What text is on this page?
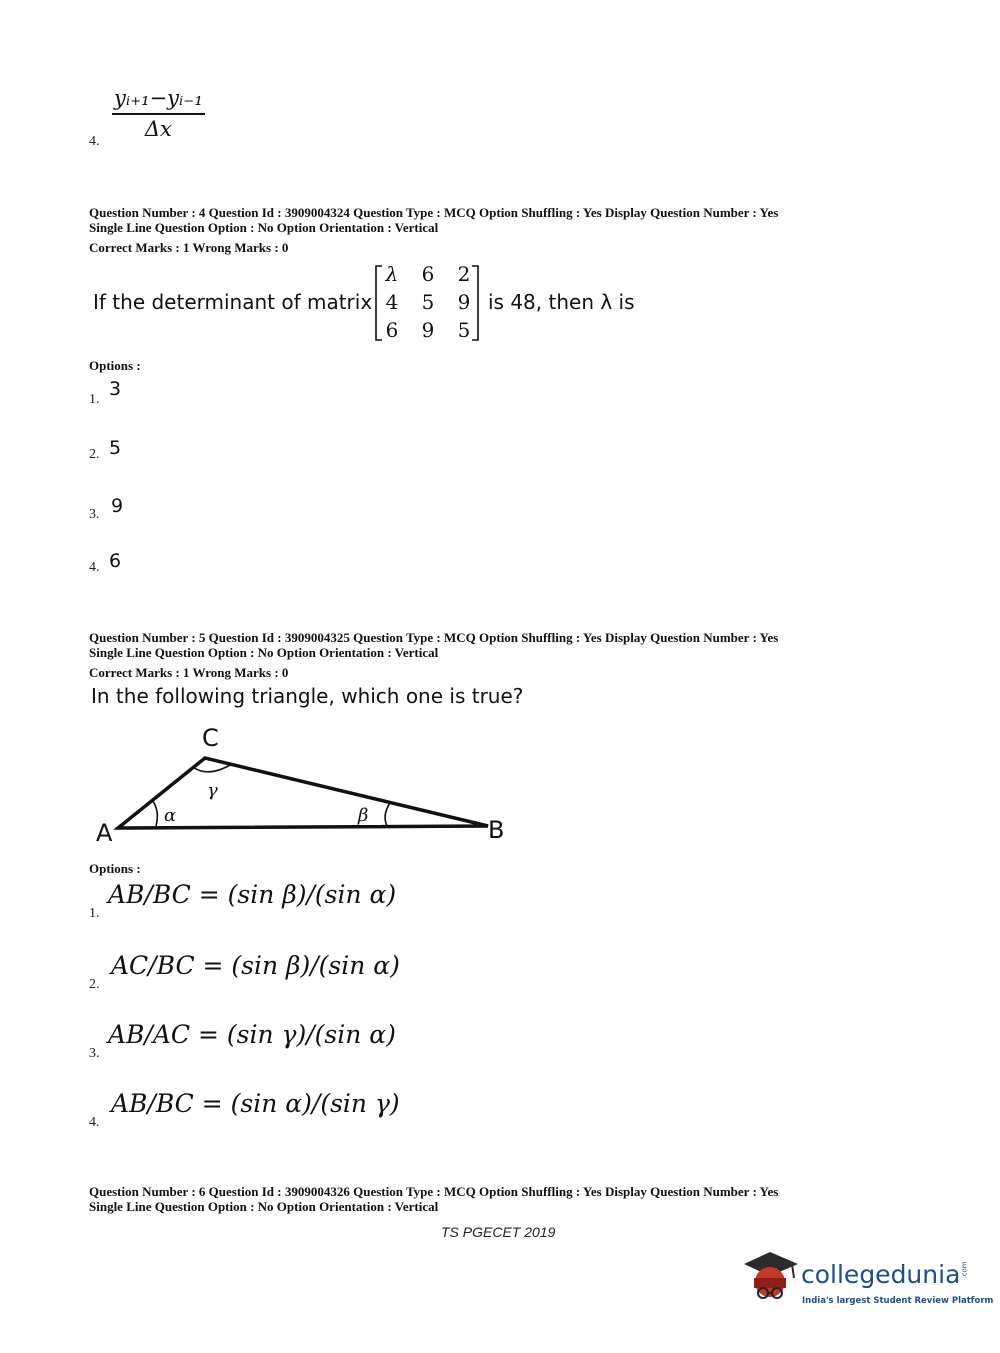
$\frac{\text{yᵢ₊₁−yᵢ₋₁}}{\Delta x}$
4.
Question Number : 4 Question Id : 3909004324 Question Type : MCQ Option Shuffling : Yes Display Question Number : Yes
Single Line Question Option : No Option Orientation : Vertical
Correct Marks : 1 Wrong Marks : 0
If the determinant of matrix
λ 6 2
4 5 9
6 9 5
is 48, then λ is
Options :
1. 3
2. 5
3. 9
4. 6
Question Number : 5 Question Id : 3909004325 Question Type : MCQ Option Shuffling : Yes Display Question Number : Yes
Single Line Question Option : No Option Orientation : Vertical
Correct Marks : 1 Wrong Marks : 0
In the following triangle, which one is true?
C
A	B
α
γ
β
Options :
1.
AB/BC = (sin β)/(sin α)
2.
AC/BC = (sin β)/(sin α)
3.
AB/AC = (sin γ)/(sin α)
4.
AB/BC = (sin α)/(sin γ)
Question Number : 6 Question Id : 3909004326 Question Type : MCQ Option Shuffling : Yes Display Question Number : Yes
Single Line Question Option : No Option Orientation : Vertical
TS PGECET 2019
collegedunia .com
India's largest Student Review Platform
